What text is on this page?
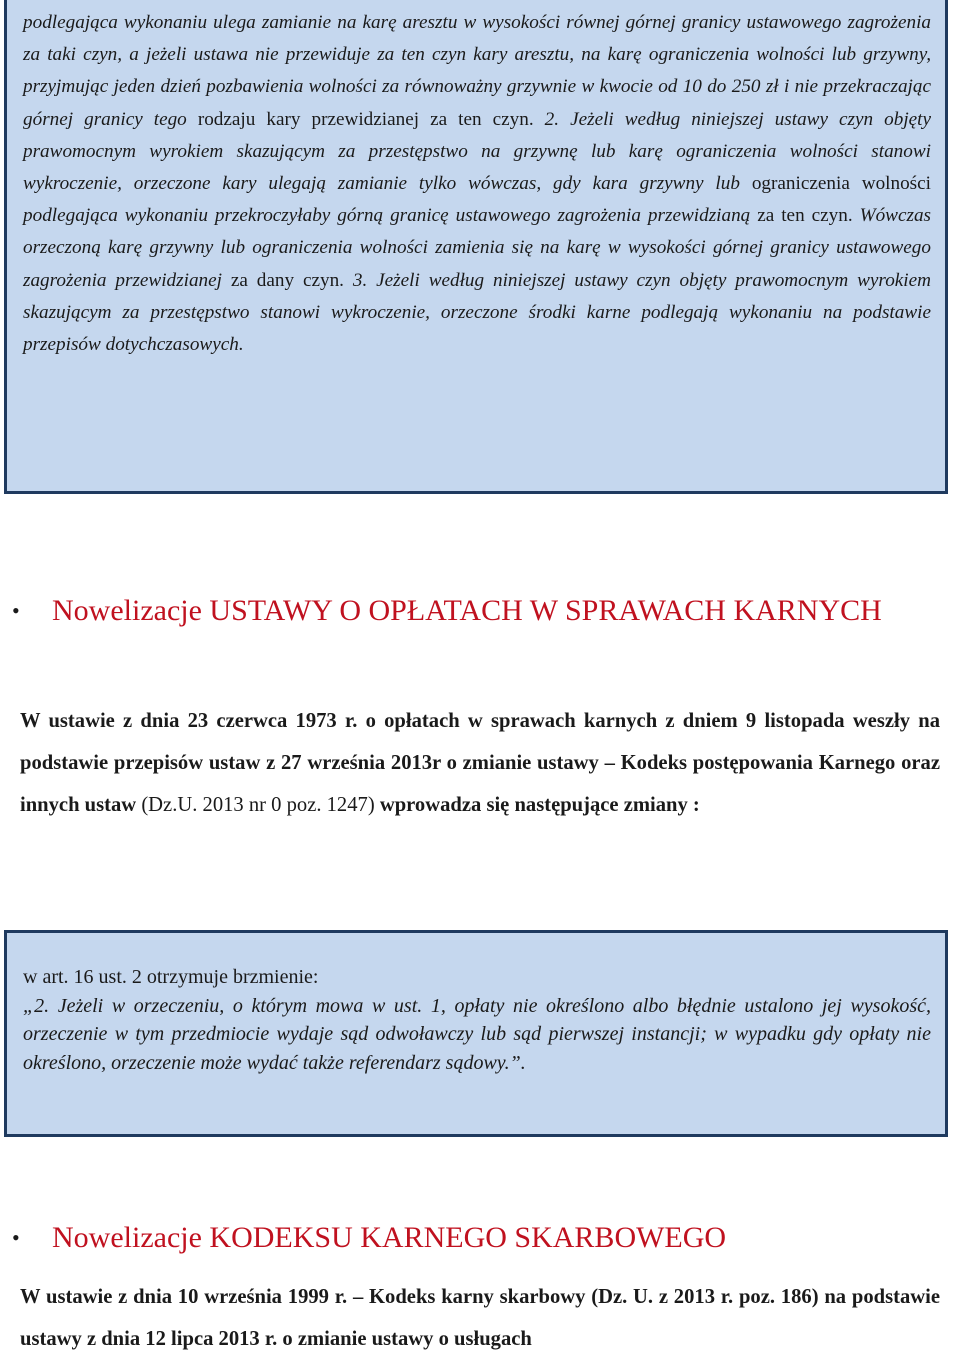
podlegająca wykonaniu ulega zamianie na karę aresztu w wysokości równej górnej granicy ustawowego zagrożenia za taki czyn, a jeżeli ustawa nie przewiduje za ten czyn kary aresztu, na karę ograniczenia wolności lub grzywny, przyjmując jeden dzień pozbawienia wolności za równoważny grzywnie w kwocie od 10 do 250 zł i nie przekraczając górnej granicy tego rodzaju kary przewidzianej za ten czyn. 2. Jeżeli według niniejszej ustawy czyn objęty prawomocnym wyrokiem skazującym za przestępstwo na grzywnę lub karę ograniczenia wolności stanowi wykroczenie, orzeczone kary ulegają zamianie tylko wówczas, gdy kara grzywny lub ograniczenia wolności podlegająca wykonaniu przekroczyłaby górną granicę ustawowego zagrożenia przewidzianą za ten czyn. Wówczas orzeczoną karę grzywny lub ograniczenia wolności zamienia się na karę w wysokości górnej granicy ustawowego zagrożenia przewidzianej za dany czyn. 3. Jeżeli według niniejszej ustawy czyn objęty prawomocnym wyrokiem skazującym za przestępstwo stanowi wykroczenie, orzeczone środki karne podlegają wykonaniu na podstawie przepisów dotychczasowych.

• Nowelizacje USTAWY O OPŁATACH W SPRAWACH KARNYCH

W ustawie z dnia 23 czerwca 1973 r. o opłatach w sprawach karnych z dniem 9 listopada weszły na podstawie przepisów ustaw z 27 września 2013r o zmianie ustawy – Kodeks postępowania Karnego oraz innych ustaw (Dz.U. 2013 nr 0 poz. 1247) wprowadza się następujące zmiany :

w art. 16 ust. 2 otrzymuje brzmienie:

„2. Jeżeli w orzeczeniu, o którym mowa w ust. 1, opłaty nie określono albo błędnie ustalono jej wysokość, orzeczenie w tym przedmiocie wydaje sąd odwoławczy lub sąd pierwszej instancji; w wypadku gdy opłaty nie określono, orzeczenie może wydać także referendarz sądowy.”.

• Nowelizacje KODEKSU KARNEGO SKARBOWEGO

W ustawie z dnia 10 września 1999 r. – Kodeks karny skarbowy (Dz. U. z 2013 r. poz. 186) na podstawie ustawy z dnia 12 lipca 2013 r. o zmianie ustawy o usługach
